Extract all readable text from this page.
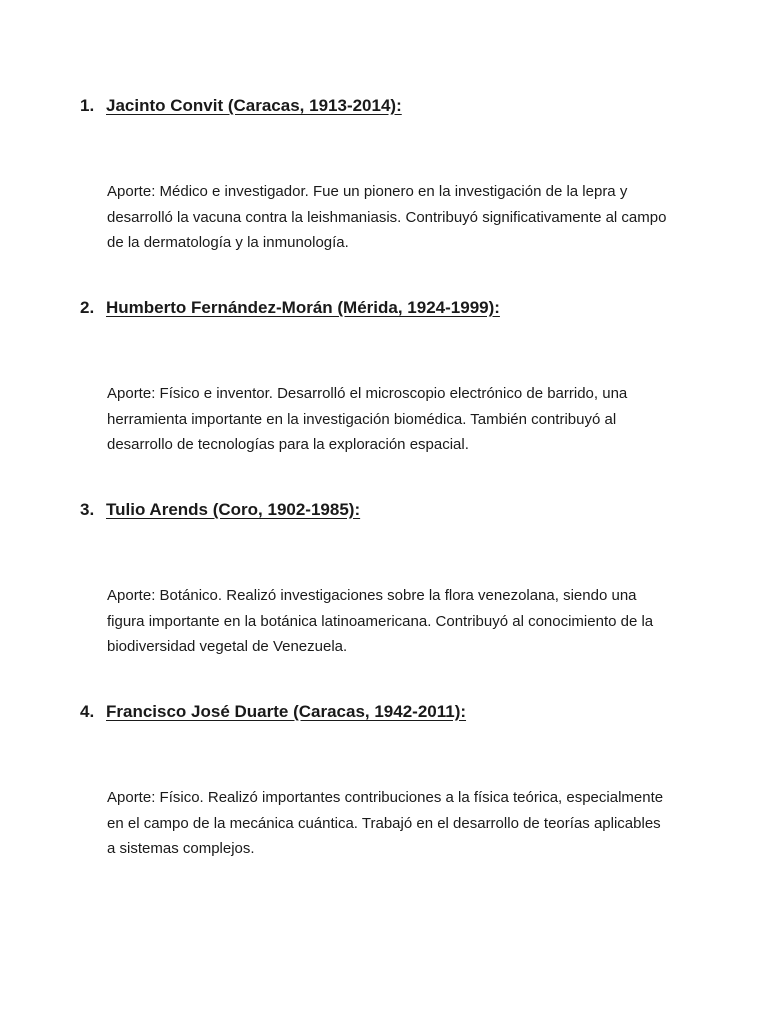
1. Jacinto Convit (Caracas, 1913-2014):
Aporte: Médico e investigador. Fue un pionero en la investigación de la lepra y desarrolló la vacuna contra la leishmaniasis. Contribuyó significativamente al campo de la dermatología y la inmunología.
2. Humberto Fernández-Morán (Mérida, 1924-1999):
Aporte: Físico e inventor. Desarrolló el microscopio electrónico de barrido, una herramienta importante en la investigación biomédica. También contribuyó al desarrollo de tecnologías para la exploración espacial.
3. Tulio Arends (Coro, 1902-1985):
Aporte: Botánico. Realizó investigaciones sobre la flora venezolana, siendo una figura importante en la botánica latinoamericana. Contribuyó al conocimiento de la biodiversidad vegetal de Venezuela.
4. Francisco José Duarte (Caracas, 1942-2011):
Aporte: Físico. Realizó importantes contribuciones a la física teórica, especialmente en el campo de la mecánica cuántica. Trabajó en el desarrollo de teorías aplicables a sistemas complejos.
